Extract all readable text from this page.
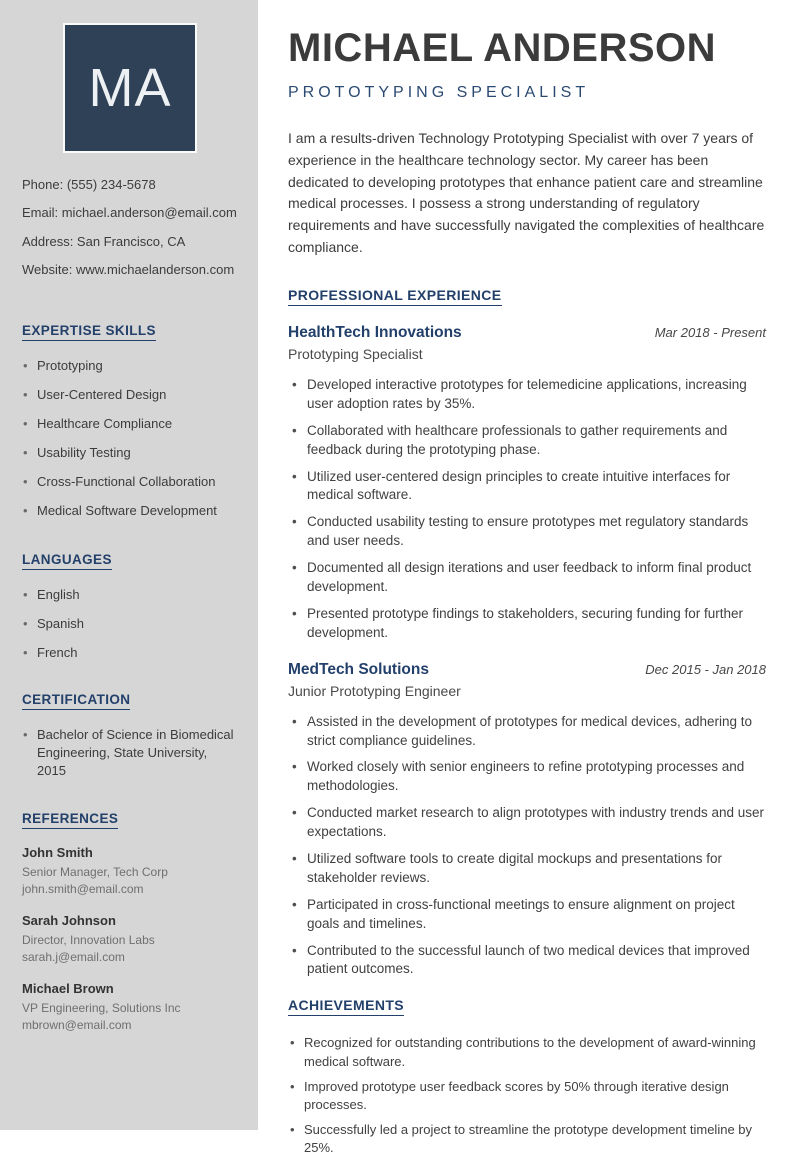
MA
Phone: (555) 234-5678
Email: michael.anderson@email.com
Address: San Francisco, CA
Website: www.michaelanderson.com
EXPERTISE SKILLS
• Prototyping
• User-Centered Design
• Healthcare Compliance
• Usability Testing
• Cross-Functional Collaboration
• Medical Software Development
LANGUAGES
• English
• Spanish
• French
CERTIFICATION
• Bachelor of Science in Biomedical Engineering, State University, 2015
REFERENCES
John Smith
Senior Manager, Tech Corp
john.smith@email.com
Sarah Johnson
Director, Innovation Labs
sarah.j@email.com
Michael Brown
VP Engineering, Solutions Inc
mbrown@email.com
MICHAEL ANDERSON
PROTOTYPING SPECIALIST

I am a results-driven Technology Prototyping Specialist with over 7 years of experience in the healthcare technology sector. My career has been dedicated to developing prototypes that enhance patient care and streamline medical processes. I possess a strong understanding of regulatory requirements and have successfully navigated the complexities of healthcare compliance.

PROFESSIONAL EXPERIENCE
HealthTech Innovations	Mar 2018 - Present
Prototyping Specialist
• Developed interactive prototypes for telemedicine applications, increasing user adoption rates by 35%.
• Collaborated with healthcare professionals to gather requirements and feedback during the prototyping phase.
• Utilized user-centered design principles to create intuitive interfaces for medical software.
• Conducted usability testing to ensure prototypes met regulatory standards and user needs.
• Documented all design iterations and user feedback to inform final product development.
• Presented prototype findings to stakeholders, securing funding for further development.
MedTech Solutions	Dec 2015 - Jan 2018
Junior Prototyping Engineer
• Assisted in the development of prototypes for medical devices, adhering to strict compliance guidelines.
• Worked closely with senior engineers to refine prototyping processes and methodologies.
• Conducted market research to align prototypes with industry trends and user expectations.
• Utilized software tools to create digital mockups and presentations for stakeholder reviews.
• Participated in cross-functional meetings to ensure alignment on project goals and timelines.
• Contributed to the successful launch of two medical devices that improved patient outcomes.
ACHIEVEMENTS
• Recognized for outstanding contributions to the development of award-winning medical software.
• Improved prototype user feedback scores by 50% through iterative design processes.
• Successfully led a project to streamline the prototype development timeline by 25%.
